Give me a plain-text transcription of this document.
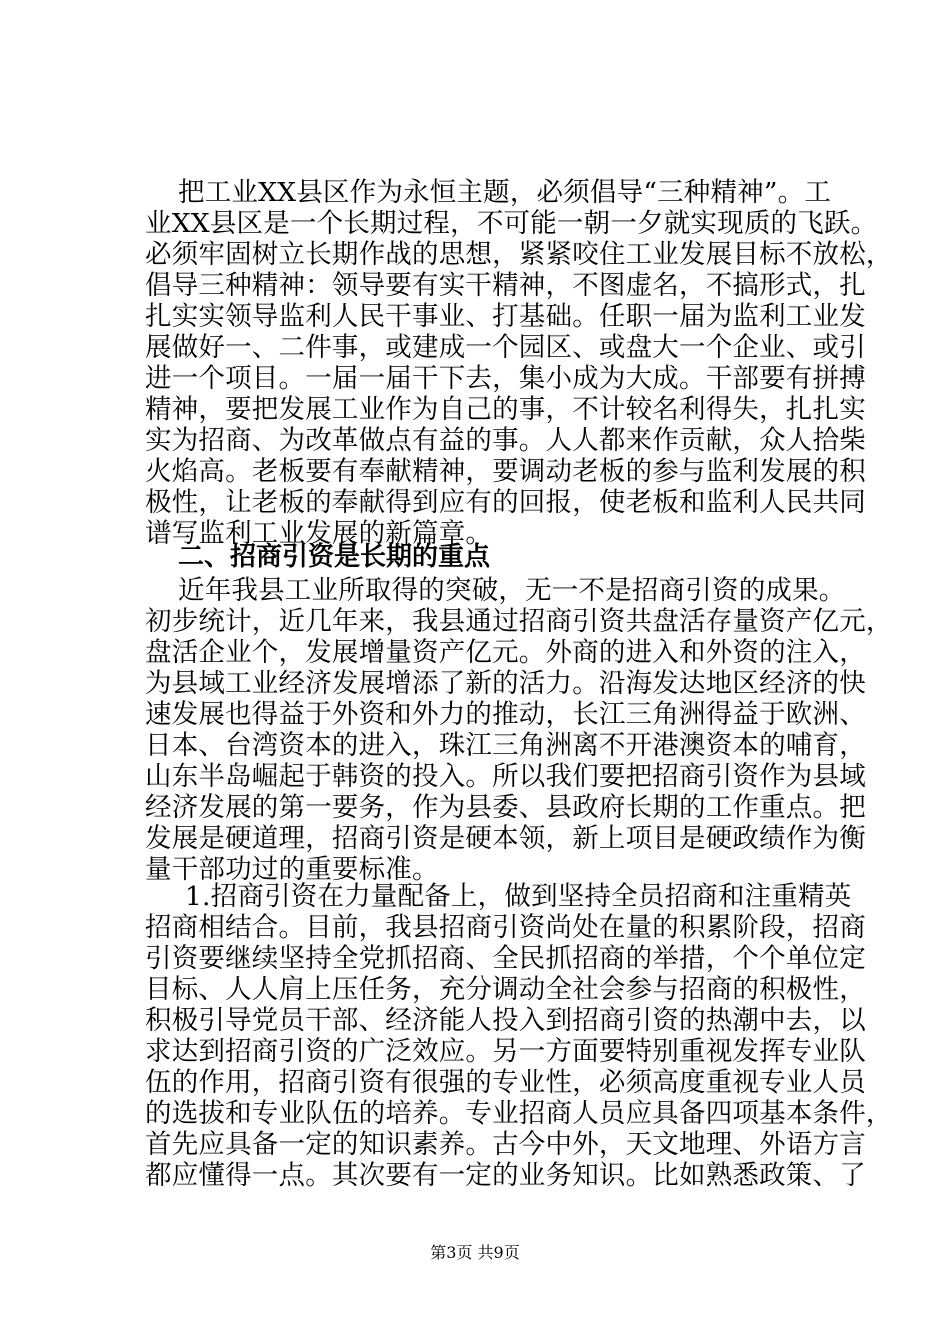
把工业XX县区作为永恒主题，必须倡导“三种精神”。工
业XX县区是一个长期过程，不可能一朝一夕就实现质的飞跃。
必须牢固树立长期作战的思想，紧紧咬住工业发展目标不放松，
倡导三种精神：领导要有实干精神，不图虚名，不搞形式，扎
扎实实领导监利人民干事业、打基础。任职一届为监利工业发
展做好一、二件事，或建成一个园区、或盘大一个企业、或引
进一个项目。一届一届干下去，集小成为大成。干部要有拼搏
精神，要把发展工业作为自己的事，不计较名利得失，扎扎实
实为招商、为改革做点有益的事。人人都来作贡献，众人拾柴
火焰高。老板要有奉献精神，要调动老板的参与监利发展的积
二、招商引资是长期的重点
近年我县工业所取得的突破，无一不是招商引资的成果。
初步统计，近几年来，我县通过招商引资共盘活存量资产亿元，
盘活企业个，发展增量资产亿元。外商的进入和外资的注入，
为县域工业经济发展增添了新的活力。沿海发达地区经济的快
速发展也得益于外资和外力的推动，长江三角洲得益于欧洲、
日本、台湾资本的进入，珠江三角洲离不开港澳资本的哺育，
山东半岛崛起于韩资的投入。所以我们要把招商引资作为县域
经济发展的第一要务，作为县委、县政府长期的工作重点。把
发展是硬道理，招商引资是硬本领，新上项目是硬政绩作为衡
量干部功过的重要标准。
1.招商引资在力量配备上，做到坚持全员招商和注重精英
招商相结合。目前，我县招商引资尚处在量的积累阶段，招商
引资要继续坚持全党抓招商、全民抓招商的举措，个个单位定
目标、人人肩上压任务，充分调动全社会参与招商的积极性，
积极引导党员干部、经济能人投入到招商引资的热潮中去，以
求达到招商引资的广泛效应。另一方面要特别重视发挥专业队
伍的作用，招商引资有很强的专业性，必须高度重视专业人员
的选拔和专业队伍的培养。专业招商人员应具备四项基本条件，
首先应具备一定的知识素养。古今中外，天文地理、外语方言
第3页 共9页
极性，让老板的奉献得到应有的回报，使老板和监利人民共同
谱写监利工业发展的新篇章。
都应懂得一点。其次要有一定的业务知识。比如熟悉政策、了
